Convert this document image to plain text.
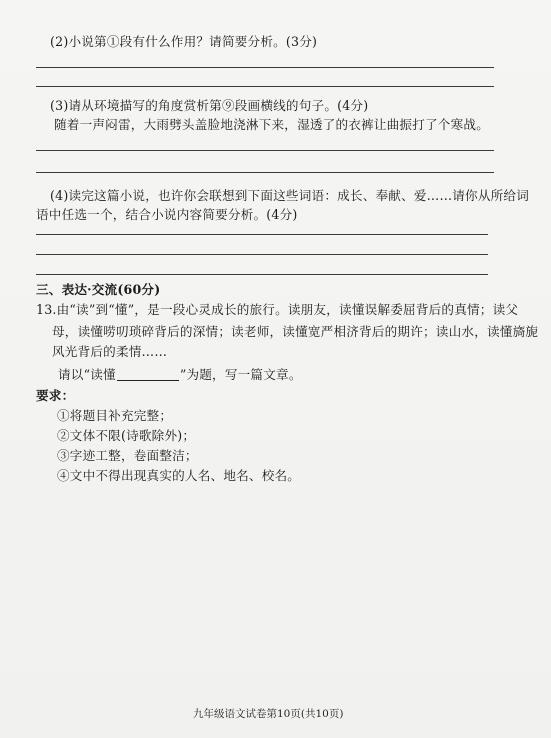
(2)小说第①段有什么作用？请简要分析。(3分)
(3)请从环境描写的角度赏析第⑨段画横线的句子。(4分)
随着一声闷雷，大雨劈头盖脸地浇淋下来，湿透了的衣裤让曲振打了个寒战。
(4)读完这篇小说，也许你会联想到下面这些词语：成长、奉献、爱……请你从所给词
语中任选一个，结合小说内容简要分析。(4分)
三、表达·交流(60分)
13.由“读”到“懂”，是一段心灵成长的旅行。读朋友，读懂误解委屈背后的真情；读父
母，读懂唠叨琐碎背后的深情；读老师，读懂宽严相济背后的期许；读山水，读懂旖旎
风光背后的柔情……
请以“读懂	”为题，写一篇文章。
要求：
①将题目补充完整；
②文体不限(诗歌除外)；
③字迹工整，卷面整洁；
④文中不得出现真实的人名、地名、校名。
九年级语文试卷第10页(共10页)
